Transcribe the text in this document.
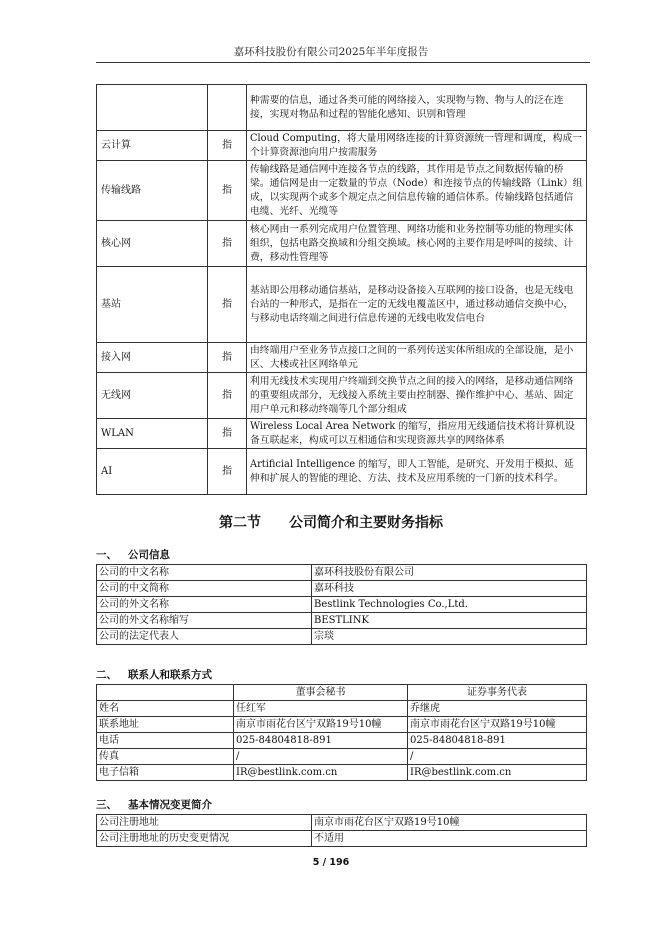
嘉环科技股份有限公司2025年半年度报告
		种需要的信息，通过各类可能的网络接入，实现物与物、物与人的泛在连接，实现对物品和过程的智能化感知、识别和管理
云计算	指	Cloud Computing，将大量用网络连接的计算资源统一管理和调度，构成一个计算资源池向用户按需服务
传输线路	指	传输线路是通信网中连接各节点的线路，其作用是节点之间数据传输的桥梁。通信网是由一定数量的节点（Node）和连接节点的传输线路（Link）组成，以实现两个或多个规定点之间信息传输的通信体系。传输线路包括通信电缆、光纤、光缆等
核心网	指	核心网由一系列完成用户位置管理、网络功能和业务控制等功能的物理实体组织，包括电路交换域和分组交换域。核心网的主要作用是呼叫的接续、计费，移动性管理等
基站	指	基站即公用移动通信基站，是移动设备接入互联网的接口设备，也是无线电台站的一种形式，是指在一定的无线电覆盖区中，通过移动通信交换中心，与移动电话终端之间进行信息传递的无线电收发信电台
接入网	指	由终端用户至业务节点接口之间的一系列传送实体所组成的全部设施，是小区、大楼或社区网络单元
无线网	指	利用无线技术实现用户终端到交换节点之间的接入的网络，是移动通信网络的重要组成部分，无线接入系统主要由控制器、操作维护中心、基站、固定用户单元和移动终端等几个部分组成
WLAN	指	Wireless Local Area Network 的缩写，指应用无线通信技术将计算机设备互联起来，构成可以互相通信和实现资源共享的网络体系
AI	指	Artificial Intelligence 的缩写，即人工智能，是研究、开发用于模拟、延伸和扩展人的智能的理论、方法、技术及应用系统的一门新的技术科学。
第二节 公司简介和主要财务指标
一、 公司信息
公司的中文名称	嘉环科技股份有限公司
公司的中文简称	嘉环科技
公司的外文名称	Bestlink Technologies Co.,Ltd.
公司的外文名称缩写	BESTLINK
公司的法定代表人	宗琰
二、 联系人和联系方式
	董事会秘书	证券事务代表
姓名	任红军	乔继虎
联系地址	南京市雨花台区宁双路19号10幢	南京市雨花台区宁双路19号10幢
电话	025-84804818-891	025-84804818-891
传真	/	/
电子信箱	IR@bestlink.com.cn	IR@bestlink.com.cn
三、 基本情况变更简介
公司注册地址	南京市雨花台区宁双路19号10幢
公司注册地址的历史变更情况	不适用
5 / 196
